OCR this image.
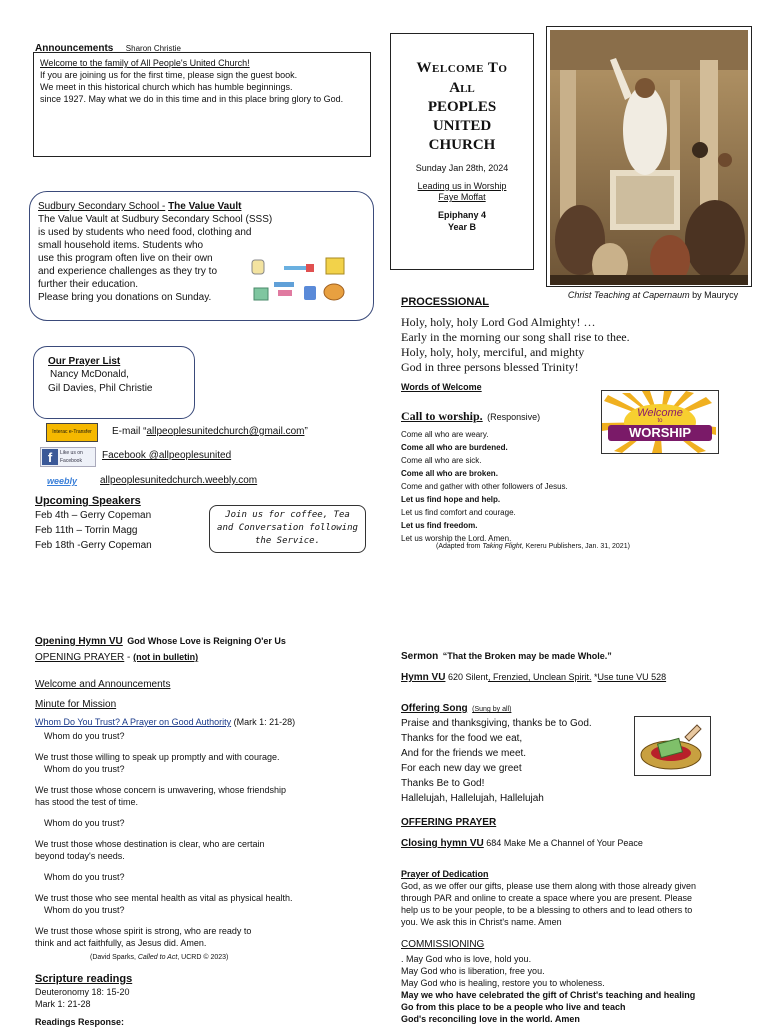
Announcements Sharon Christie
Welcome to the family of All People's United Church!
If you are joining us for the first time, please sign the guest book.
We meet in this historical church which has humble beginnings.
since 1927. May what we do in this time and in this place bring glory to God.
Welcome To
All
PEOPLES
UNITED
CHURCH
Sunday Jan 28th, 2024
Leading us in Worship
Faye Moffat
Epiphany 4
Year B
Christ Teaching at Capernaum by Maurycy
Sudbury Secondary School - The Value Vault
The Value Vault at Sudbury Secondary School (SSS)
is used by students who need food, clothing and
small household items. Students who
use this program often live on their own
and experience challenges as they try to
further their education.
Please bring you donations on Sunday.
Our Prayer List
Nancy McDonald,
Gil Davies, Phil Christie
Interac e-Transfer	E-mail “allpeoplesunitedchurch@gmail.com”
f	Like us on Facebook	Facebook @allpeoplesunited
weebly allpeoplesunitedchurch.weebly.com
Upcoming Speakers
Feb 4th – Gerry Copeman
Feb 11th – Torrin Magg
Feb 18th -Gerry Copeman
Join us for coffee, Tea and Conversation following the Service.
PROCESSIONAL
Holy, holy, holy Lord God Almighty! …
Early in the morning our song shall rise to thee.
Holy, holy, holy, merciful, and mighty
God in three persons blessed Trinity!
Words of Welcome
Call to worship. (Responsive)
Come all who are weary.
Come all who are burdened.
Come all who are sick.
Come all who are broken.
Come and gather with other followers of Jesus.
Let us find hope and help.
Let us find comfort and courage.
Let us find freedom.
Let us worship the Lord. Amen.
(Adapted from Taking Flight, Kereru Publishers, Jan. 31, 2021)
Welcome
to
WORSHIP
Opening Hymn VU God Whose Love is Reigning O'er Us
OPENING PRAYER - (not in bulletin)
Welcome and Announcements
Minute for Mission
Whom Do You Trust? A Prayer on Good Authority (Mark 1: 21-28)
Whom do you trust?
We trust those willing to speak up promptly and with courage.
Whom do you trust?
We trust those whose concern is unwavering, whose friendship
has stood the test of time.
Whom do you trust?
We trust those whose destination is clear, who are certain
beyond today's needs.
Whom do you trust?
We trust those who see mental health as vital as physical health.
Whom do you trust?
We trust those whose spirit is strong, who are ready to
think and act faithfully, as Jesus did. Amen.
(David Sparks, Called to Act, UCRD © 2023)
Scripture readings
Deuteronomy 18: 15-20
Mark 1: 21-28
Readings Response:
Sermon “That the Broken may be made Whole.”
Hymn VU 620 Silent, Frenzied, Unclean Spirit. *Use tune VU 528
Offering Song (Sung by all)
Praise and thanksgiving, thanks be to God.
Thanks for the food we eat,
And for the friends we meet.
For each new day we greet
Thanks Be to God!
Hallelujah, Hallelujah, Hallelujah
OFFERING PRAYER
Closing hymn VU 684 Make Me a Channel of Your Peace
Prayer of Dedication
God, as we offer our gifts, please use them along with those already given
through PAR and online to create a space where you are present. Please
help us to be your people, to be a blessing to others and to lead others to
you. We ask this in Christ's name. Amen
COMMISSIONING
. May God who is love, hold you.
May God who is liberation, free you.
May God who is healing, restore you to wholeness.
May we who have celebrated the gift of Christ's teaching and healing
Go from this place to be a people who live and teach
God's reconciling love in the world. Amen
